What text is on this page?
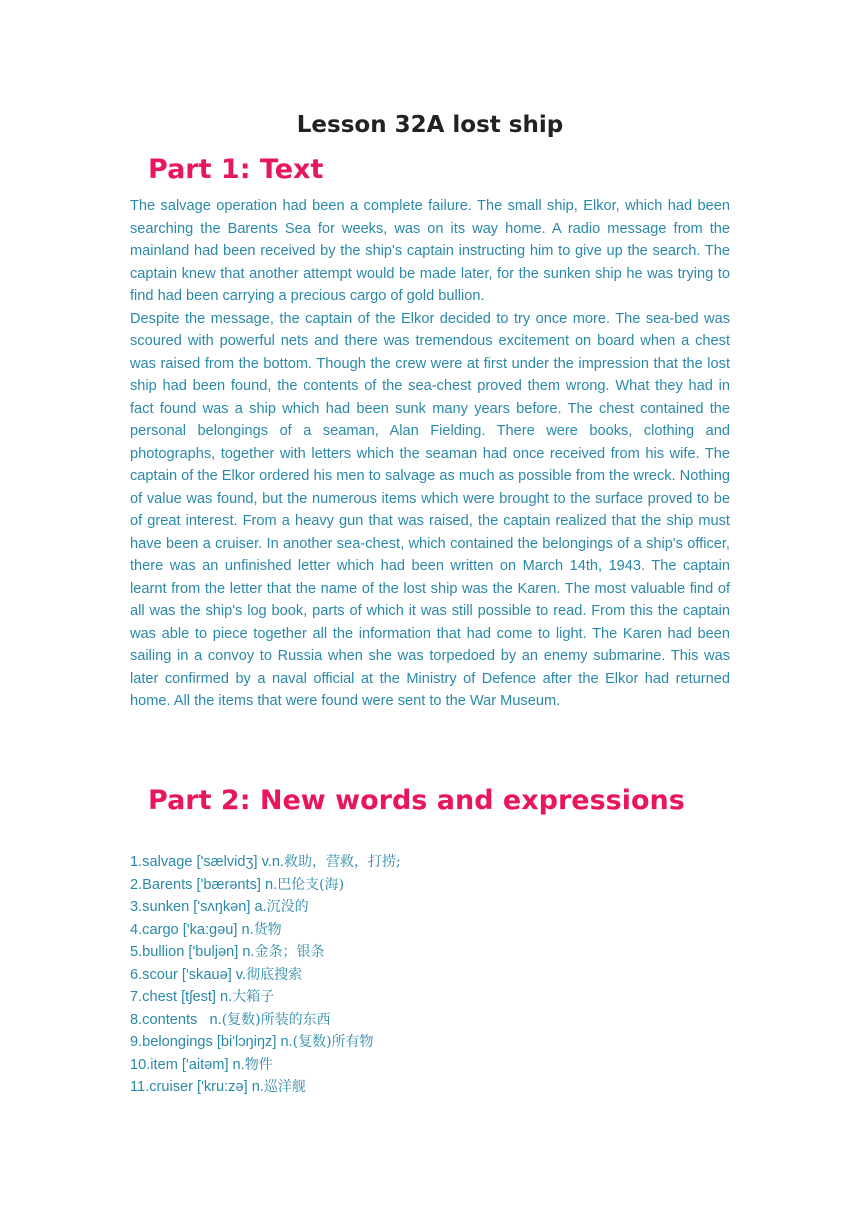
Lesson 32A lost ship
Part 1: Text

The salvage operation had been a complete failure. The small ship, Elkor, which had been searching the Barents Sea for weeks, was on its way home. A radio message from the mainland had been received by the ship's captain instructing him to give up the search. The captain knew that another attempt would be made later, for the sunken ship he was trying to find had been carrying a precious cargo of gold bullion.

Despite the message, the captain of the Elkor decided to try once more. The sea-bed was scoured with powerful nets and there was tremendous excitement on board when a chest was raised from the bottom. Though the crew were at first under the impression that the lost ship had been found, the contents of the sea-chest proved them wrong. What they had in fact found was a ship which had been sunk many years before. The chest contained the personal belongings of a seaman, Alan Fielding. There were books, clothing and photographs, together with letters which the seaman had once received from his wife. The captain of the Elkor ordered his men to salvage as much as possible from the wreck. Nothing of value was found, but the numerous items which were brought to the surface proved to be of great interest. From a heavy gun that was raised, the captain realized that the ship must have been a cruiser. In another sea-chest, which contained the belongings of a ship's officer, there was an unfinished letter which had been written on March 14th, 1943. The captain learnt from the letter that the name of the lost ship was the Karen. The most valuable find of all was the ship's log book, parts of which it was still possible to read. From this the captain was able to piece together all the information that had come to light. The Karen had been sailing in a convoy to Russia when she was torpedoed by an enemy submarine. This was later confirmed by a naval official at the Ministry of Defence after the Elkor had returned home. All the items that were found were sent to the War Museum.

Part 2: New words and expressions
1.salvage ['sælvidʒ] v.n.救助，营救，打捞;
2.Barents ['bærənts] n.巴伦支(海)
3.sunken ['sʌŋkən] a.沉没的
4.cargo ['ka:gəu] n.货物
5.bullion ['buljən] n.金条；银条
6.scour ['skauə] v.彻底搜索
7.chest [tʃest] n.大箱子
8.contents   n.(复数)所装的东西
9.belongings [bi'lɔŋiŋz] n.(复数)所有物
10.item ['aitəm] n.物件
11.cruiser ['kru:zə] n.巡洋舰
